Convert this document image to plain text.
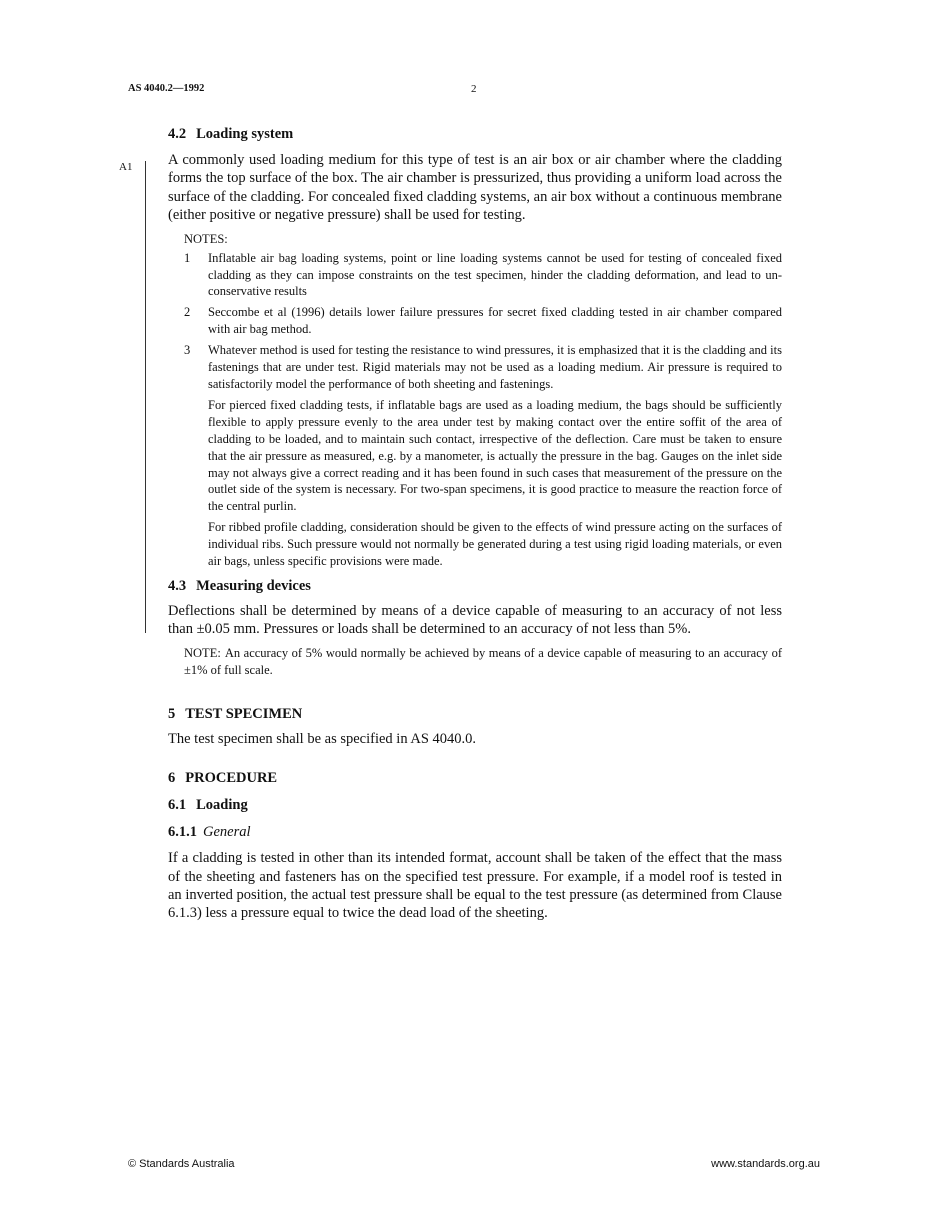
AS 4040.2—1992	2
A1
4.2 Loading system

A commonly used loading medium for this type of test is an air box or air chamber where the cladding forms the top surface of the box. The air chamber is pressurized, thus providing a uniform load across the surface of the cladding. For concealed fixed cladding systems, an air box without a continuous membrane (either positive or negative pressure) shall be used for testing.

NOTES:
1	Inflatable air bag loading systems, point or line loading systems cannot be used for testing of concealed fixed cladding as they can impose constraints on the test specimen, hinder the cladding deformation, and lead to un-conservative results
2	Seccombe et al (1996) details lower failure pressures for secret fixed cladding tested in air chamber compared with air bag method.
3	Whatever method is used for testing the resistance to wind pressures, it is emphasized that it is the cladding and its fastenings that are under test. Rigid materials may not be used as a loading medium. Air pressure is required to satisfactorily model the performance of both sheeting and fastenings.

For pierced fixed cladding tests, if inflatable bags are used as a loading medium, the bags should be sufficiently flexible to apply pressure evenly to the area under test by making contact over the entire soffit of the area of cladding to be loaded, and to maintain such contact, irrespective of the deflection. Care must be taken to ensure that the air pressure as measured, e.g. by a manometer, is actually the pressure in the bag. Gauges on the inlet side may not always give a correct reading and it has been found in such cases that measurement of the pressure on the outlet side of the system is necessary. For two-span specimens, it is good practice to measure the reaction force of the central purlin.

For ribbed profile cladding, consideration should be given to the effects of wind pressure acting on the surfaces of individual ribs. Such pressure would not normally be generated during a test using rigid loading materials, or even air bags, unless specific provisions were made.

4.3 Measuring devices

Deflections shall be determined by means of a device capable of measuring to an accuracy of not less than ±0.05 mm. Pressures or loads shall be determined to an accuracy of not less than 5%.

NOTE: An accuracy of 5% would normally be achieved by means of a device capable of measuring to an accuracy of ±1% of full scale.
5 TEST SPECIMEN

The test specimen shall be as specified in AS 4040.0.

6 PROCEDURE
6.1 Loading
6.1.1 General

If a cladding is tested in other than its intended format, account shall be taken of the effect that the mass of the sheeting and fasteners has on the specified test pressure. For example, if a model roof is tested in an inverted position, the actual test pressure shall be equal to the test pressure (as determined from Clause 6.1.3) less a pressure equal to twice the dead load of the sheeting.

© Standards Australia	www.standards.org.au
